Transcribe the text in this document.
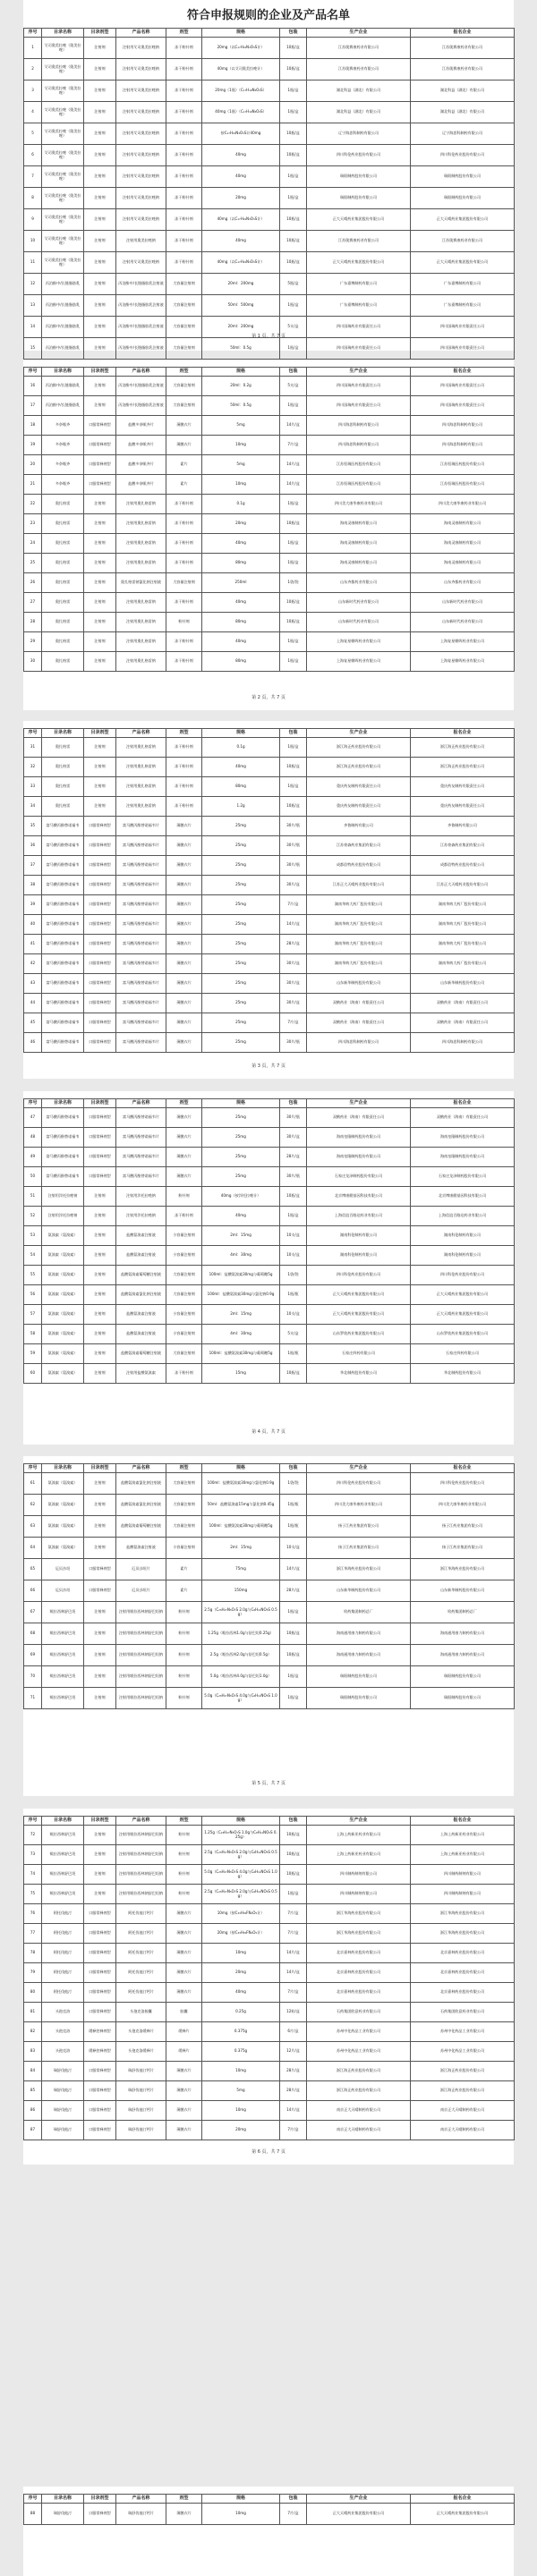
符合申报规则的企业及产品名单
序号	目录名称	目录剂型	产品名称	剂型	规格	包装	生产企业	报名企业
1	艾司奥美拉唑（奥美拉唑）	注射剂	注射用艾司奥美拉唑钠	冻干粉针剂	20mg（以C₁₇H₁₉N₃O₃S计）	10瓶/盒	江苏奥赛康药业有限公司	江苏奥赛康药业有限公司
2	艾司奥美拉唑（奥美拉唑）	注射剂	注射用艾司奥美拉唑钠	冻干粉针剂	40mg（以艾司奥美拉唑计）	10瓶/盒	江苏奥赛康药业有限公司	江苏奥赛康药业有限公司
3	艾司奥美拉唑（奥美拉唑）	注射剂	注射用艾司奥美拉唑钠	冻干粉针剂	20mg（1瓶）（C₁₇H₁₉N₃O₃S）	1瓶/盒	湖北科益（湖北）有限公司	湖北科益（湖北）有限公司
4	艾司奥美拉唑（奥美拉唑）	注射剂	注射用艾司奥美拉唑钠	冻干粉针剂	40mg（1瓶）（C₁₇H₁₉N₃O₃S）	1瓶/盒	湖北科益（湖北）有限公司	湖北科益（湖北）有限公司
5	艾司奥美拉唑（奥美拉唑）	注射剂	注射用艾司奥美拉唑钠	冻干粉针剂	按C₁₇H₁₉N₃O₃S计40mg	10瓶/盒	辽宁海思科制药有限公司	辽宁海思科制药有限公司
6	艾司奥美拉唑（奥美拉唑）	注射剂	注射用艾司奥美拉唑钠	冻干粉针剂	40mg	10瓶/盒	四川科伦药业股份有限公司	四川科伦药业股份有限公司
7	艾司奥美拉唑（奥美拉唑）	注射剂	注射用艾司奥美拉唑钠	冻干粉针剂	40mg	1瓶/盒	瑞阳制药股份有限公司	瑞阳制药股份有限公司
8	艾司奥美拉唑（奥美拉唑）	注射剂	注射用艾司奥美拉唑钠	冻干粉针剂	20mg	1瓶/盒	瑞阳制药股份有限公司	瑞阳制药股份有限公司
9	艾司奥美拉唑（奥美拉唑）	注射剂	注射用艾司奥美拉唑钠	冻干粉针剂	40mg（以C₁₇H₁₉N₃O₃S计）	10瓶/盒	正大天晴药业集团股份有限公司	正大天晴药业集团股份有限公司
10	艾司奥美拉唑（奥美拉唑）	注射剂	注射用奥美拉唑钠	冻干粉针剂	40mg	10瓶/盒	江苏奥赛康药业有限公司	江苏奥赛康药业有限公司
11	艾司奥美拉唑（奥美拉唑）	注射剂	注射用艾司奥美拉唑钠	冻干粉针剂	40mg（以C₁₇H₁₉N₃O₃S计）	10瓶/盒	正大天晴药业集团股份有限公司	正大天晴药业集团股份有限公司
12	丙泊酚中/长链脂肪乳	注射剂	丙泊酚中/长链脂肪乳注射液	大容量注射剂	20ml：200mg	5瓶/盒	广东嘉博制药有限公司	广东嘉博制药有限公司
13	丙泊酚中/长链脂肪乳	注射剂	丙泊酚中/长链脂肪乳注射液	大容量注射剂	50ml：500mg	1瓶/盒	广东嘉博制药有限公司	广东嘉博制药有限公司
14	丙泊酚中/长链脂肪乳	注射剂	丙泊酚中/长链脂肪乳注射液	大容量注射剂	20ml：200mg	5支/盒	四川国瑞药业有限责任公司	四川国瑞药业有限责任公司
15	丙泊酚中/长链脂肪乳	注射剂	丙泊酚中/长链脂肪乳注射液	大容量注射剂	50ml：0.5g	1瓶/盒	四川国瑞药业有限责任公司	四川国瑞药业有限责任公司
第 1 页，共 7 页
序号	目录名称	目录剂型	产品名称	剂型	规格	包装	生产企业	报名企业
16	丙泊酚中/长链脂肪乳	注射剂	丙泊酚中/长链脂肪乳注射液	大容量注射剂	20ml：0.2g	5支/盒	四川国瑞药业有限责任公司	四川国瑞药业有限责任公司
17	丙泊酚中/长链脂肪乳	注射剂	丙泊酚中/长链脂肪乳注射液	大容量注射剂	50ml：0.5g	1瓶/盒	四川国瑞药业有限责任公司	四川国瑞药业有限责任公司
18	多奈哌齐	口服常释剂型	盐酸多奈哌齐片	薄膜衣片	5mg	14片/盒	四川海思科制药有限公司	四川海思科制药有限公司
19	多奈哌齐	口服常释剂型	盐酸多奈哌齐片	薄膜衣片	10mg	7片/盒	四川海思科制药有限公司	四川海思科制药有限公司
20	多奈哌齐	口服常释剂型	盐酸多奈哌齐片	素片	5mg	14片/盒	江苏恒瑞医药股份有限公司	江苏恒瑞医药股份有限公司
21	多奈哌齐	口服常释剂型	盐酸多奈哌齐片	素片	10mg	14片/盒	江苏恒瑞医药股份有限公司	江苏恒瑞医药股份有限公司
22	奥扎格雷	注射剂	注射用奥扎格雷钠	冻干粉针剂	0.1g	1瓶/盒	四川美大康华康药业有限公司	四川美大康华康药业有限公司
23	奥扎格雷	注射剂	注射用奥扎格雷钠	冻干粉针剂	20mg	10瓶/盒	海南灵康制药有限公司	海南灵康制药有限公司
24	奥扎格雷	注射剂	注射用奥扎格雷钠	冻干粉针剂	40mg	1瓶/盒	海南灵康制药有限公司	海南灵康制药有限公司
25	奥扎格雷	注射剂	注射用奥扎格雷钠	冻干粉针剂	80mg	1瓶/盒	海南灵康制药有限公司	海南灵康制药有限公司
26	奥扎格雷	注射剂	奥扎格雷钠氯化钠注射液	大容量注射剂	250ml	1袋/袋	山东齐都药业有限公司	山东齐都药业有限公司
27	奥扎格雷	注射剂	注射用奥扎格雷钠	冻干粉针剂	40mg	10瓶/盒	山东新时代药业有限公司	山东新时代药业有限公司
28	奥扎格雷	注射剂	注射用奥扎格雷钠	粉针剂	80mg	10瓶/盒	山东新时代药业有限公司	山东新时代药业有限公司
29	奥扎格雷	注射剂	注射用奥扎格雷钠	冻干粉针剂	40mg	1瓶/盒	上海复星朝晖药业有限公司	上海复星朝晖药业有限公司
30	奥扎格雷	注射剂	注射用奥扎格雷钠	冻干粉针剂	80mg	1瓶/盒	上海复星朝晖药业有限公司	上海复星朝晖药业有限公司
第 2 页，共 7 页
序号	目录名称	目录剂型	产品名称	剂型	规格	包装	生产企业	报名企业
31	奥扎格雷	注射剂	注射用奥扎格雷钠	冻干粉针剂	0.1g	1瓶/盒	浙江海正药业股份有限公司	浙江海正药业股份有限公司
32	奥扎格雷	注射剂	注射用奥扎格雷钠	冻干粉针剂	40mg	10瓶/盒	浙江海正药业股份有限公司	浙江海正药业股份有限公司
33	奥扎格雷	注射剂	注射用奥扎格雷钠	冻干粉针剂	80mg	1瓶/盒	重庆药友制药有限责任公司	重庆药友制药有限责任公司
34	奥扎格雷	注射剂	注射用奥扎格雷钠	冻干粉针剂	1.2g	10瓶/盒	重庆药友制药有限责任公司	重庆药友制药有限责任公司
35	富马酸丙酚替诺福韦	口服常释剂型	富马酸丙酚替诺福韦片	薄膜衣片	25mg	30片/瓶	齐鲁制药有限公司	齐鲁制药有限公司
36	富马酸丙酚替诺福韦	口服常释剂型	富马酸丙酚替诺福韦片	薄膜衣片	25mg	30片/瓶	江苏豪森药业集团有限公司	江苏豪森药业集团有限公司
37	富马酸丙酚替诺福韦	口服常释剂型	富马酸丙酚替诺福韦片	薄膜衣片	25mg	30片/瓶	成都倍特药业股份有限公司	成都倍特药业股份有限公司
38	富马酸丙酚替诺福韦	口服常释剂型	富马酸丙酚替诺福韦片	薄膜衣片	25mg	30片/盒	江苏正大天晴药业股份有限公司	江苏正大天晴药业股份有限公司
39	富马酸丙酚替诺福韦	口服常释剂型	富马酸丙酚替诺福韦片	薄膜衣片	25mg	7片/盒	湖南华纳大药厂股份有限公司	湖南华纳大药厂股份有限公司
40	富马酸丙酚替诺福韦	口服常释剂型	富马酸丙酚替诺福韦片	薄膜衣片	25mg	14片/盒	湖南华纳大药厂股份有限公司	湖南华纳大药厂股份有限公司
41	富马酸丙酚替诺福韦	口服常释剂型	富马酸丙酚替诺福韦片	薄膜衣片	25mg	28片/盒	湖南华纳大药厂股份有限公司	湖南华纳大药厂股份有限公司
42	富马酸丙酚替诺福韦	口服常释剂型	富马酸丙酚替诺福韦片	薄膜衣片	25mg	30片/盒	湖南华纳大药厂股份有限公司	湖南华纳大药厂股份有限公司
43	富马酸丙酚替诺福韦	口服常释剂型	富马酸丙酚替诺福韦片	薄膜衣片	25mg	30片/盒	山东新华制药股份有限公司	山东新华制药股份有限公司
44	富马酸丙酚替诺福韦	口服常释剂型	富马酸丙酚替诺福韦片	薄膜衣片	25mg	30片/盒	双鹤药业（海南）有限责任公司	双鹤药业（海南）有限责任公司
45	富马酸丙酚替诺福韦	口服常释剂型	富马酸丙酚替诺福韦片	薄膜衣片	25mg	7片/盒	双鹤药业（海南）有限责任公司	双鹤药业（海南）有限责任公司
46	富马酸丙酚替诺福韦	口服常释剂型	富马酸丙酚替诺福韦片	薄膜衣片	25mg	30片/瓶	四川海思科制药有限公司	四川海思科制药有限公司
第 3 页，共 7 页
序号	目录名称	目录剂型	产品名称	剂型	规格	包装	生产企业	报名企业
47	富马酸丙酚替诺福韦	口服常释剂型	富马酸丙酚替诺福韦片	薄膜衣片	25mg	30片/瓶	双鹤药业（海南）有限责任公司	双鹤药业（海南）有限责任公司
48	富马酸丙酚替诺福韦	口服常释剂型	富马酸丙酚替诺福韦片	薄膜衣片	25mg	30片/盒	海南皇隆制药股份有限公司	海南皇隆制药股份有限公司
49	富马酸丙酚替诺福韦	口服常释剂型	富马酸丙酚替诺福韦片	薄膜衣片	25mg	28片/盒	海南皇隆制药股份有限公司	海南皇隆制药股份有限公司
50	富马酸丙酚替诺福韦	口服常释剂型	富马酸丙酚替诺福韦片	薄膜衣片	25mg	30片/瓶	石家庄龙泽制药股份有限公司	石家庄龙泽制药股份有限公司
51	注射用泮托拉唑钠	注射剂	注射用泮托拉唑钠	粉针剂	40mg（按泮托拉唑计）	10瓶/盒	北京博康健基因科技有限公司	北京博康健基因科技有限公司
52	注射用泮托拉唑钠	注射剂	注射用泮托拉唑钠	冻干粉针剂	40mg	1瓶/盒	上海信谊百路达药业有限公司	上海信谊百路达药业有限公司
53	氨溴索（氨溴索）	注射剂	盐酸氨溴索注射液	小容量注射剂	2ml：15mg	10支/盒	湖南科伦制药有限公司	湖南科伦制药有限公司
54	氨溴索（氨溴索）	注射剂	盐酸氨溴索注射液	小容量注射剂	4ml：30mg	10支/盒	湖南科伦制药有限公司	湖南科伦制药有限公司
55	氨溴索（氨溴索）	注射剂	盐酸氨溴索葡萄糖注射液	大容量注射剂	100ml：盐酸氨溴索30mg与葡萄糖5g	1袋/袋	四川科伦药业股份有限公司	四川科伦药业股份有限公司
56	氨溴索（氨溴索）	注射剂	盐酸氨溴索氯化钠注射液	大容量注射剂	100ml：盐酸氨溴索30mg与氯化钠0.9g	1瓶/瓶	正大天晴药业集团股份有限公司	正大天晴药业集团股份有限公司
57	氨溴索（氨溴索）	注射剂	盐酸氨溴索注射液	小容量注射剂	2ml：15mg	10支/盒	正大天晴药业集团股份有限公司	正大天晴药业集团股份有限公司
58	氨溴索（氨溴索）	注射剂	盐酸氨溴索注射液	小容量注射剂	4ml：30mg	5支/盒	山东罗欣药业集团股份有限公司	山东罗欣药业集团股份有限公司
59	氨溴索（氨溴索）	注射剂	盐酸氨溴索葡萄糖注射液	大容量注射剂	100ml：盐酸氨溴索30mg与葡萄糖5g	1瓶/瓶	石家庄四药有限公司	石家庄四药有限公司
60	氨溴索（氨溴索）	注射剂	注射用盐酸氨溴索	冻干粉针剂	15mg	10瓶/盒	华北制药股份有限公司	华北制药股份有限公司
第 4 页，共 7 页
序号	目录名称	目录剂型	产品名称	剂型	规格	包装	生产企业	报名企业
61	氨溴索（氨溴索）	注射剂	盐酸氨溴索氯化钠注射液	大容量注射剂	100ml：盐酸氨溴索30mg与氯化钠0.9g	1袋/袋	四川科伦药业股份有限公司	四川科伦药业股份有限公司
62	氨溴索（氨溴索）	注射剂	盐酸氨溴索氯化钠注射液	大容量注射剂	50ml：盐酸氨溴索15mg与氯化钠0.45g	1瓶/瓶	四川美大康华康药业有限公司	四川美大康华康药业有限公司
63	氨溴索（氨溴索）	注射剂	盐酸氨溴索葡萄糖注射液	大容量注射剂	100ml：盐酸氨溴索30mg与葡萄糖5g	1瓶/瓶	扬子江药业集团有限公司	扬子江药业集团有限公司
64	氨溴索（氨溴索）	注射剂	盐酸氨溴索注射液	小容量注射剂	2ml：15mg	10支/盒	扬子江药业集团有限公司	扬子江药业集团有限公司
65	厄贝沙坦	口服常释剂型	厄贝沙坦片	素片	75mg	14片/盒	浙江华海药业股份有限公司	浙江华海药业股份有限公司
66	厄贝沙坦	口服常释剂型	厄贝沙坦片	素片	150mg	28片/盒	山东新华制药股份有限公司	山东新华制药股份有限公司
67	哌拉西林舒巴坦	注射剂	注射用哌拉西林钠舒巴坦钠	粉针剂	2.5g（C₂₃H₂₇N₅O₇S 2.0g与C₈H₁₁NO₅S 0.5g）	1瓶/盒	哈药集团制药总厂	哈药集团制药总厂
68	哌拉西林舒巴坦	注射剂	注射用哌拉西林钠舒巴坦钠	粉针剂	1.25g（哌拉西林1.0g与舒巴坦0.25g）	10瓶/盒	海南通用康力制药有限公司	海南通用康力制药有限公司
69	哌拉西林舒巴坦	注射剂	注射用哌拉西林钠舒巴坦钠	粉针剂	2.5g（哌拉西林2.0g与舒巴坦0.5g）	10瓶/盒	海南通用康力制药有限公司	海南通用康力制药有限公司
70	哌拉西林舒巴坦	注射剂	注射用哌拉西林钠舒巴坦钠	粉针剂	5.0g（哌拉西林4.0g与舒巴坦1.0g）	1瓶/盒	瑞阳制药股份有限公司	瑞阳制药股份有限公司
71	哌拉西林舒巴坦	注射剂	注射用哌拉西林钠舒巴坦钠	粉针剂	5.0g（C₂₃H₂₇N₅O₇S 4.0g与C₈H₁₁NO₅S 1.0g）	1瓶/盒	瑞阳制药股份有限公司	瑞阳制药股份有限公司
第 5 页，共 7 页
序号	目录名称	目录剂型	产品名称	剂型	规格	包装	生产企业	报名企业
72	哌拉西林舒巴坦	注射剂	注射用哌拉西林钠舒巴坦钠	粉针剂	1.25g（C₂₃H₂₇N₅O₇S 1.0g与C₈H₁₁NO₅S 0.25g）	10瓶/盒	上海上药新亚药业有限公司	上海上药新亚药业有限公司
73	哌拉西林舒巴坦	注射剂	注射用哌拉西林钠舒巴坦钠	粉针剂	2.5g（C₂₃H₂₇N₅O₇S 2.0g与C₈H₁₁NO₅S 0.5g）	10瓶/盒	上海上药新亚药业有限公司	上海上药新亚药业有限公司
74	哌拉西林舒巴坦	注射剂	注射用哌拉西林钠舒巴坦钠	粉针剂	5.0g（C₂₃H₂₇N₅O₇S 4.0g与C₈H₁₁NO₅S 1.0g）	10瓶/盒	四川制药制剂有限公司	四川制药制剂有限公司
75	哌拉西林舒巴坦	注射剂	注射用哌拉西林钠舒巴坦钠	粉针剂	2.5g（C₂₃H₂₇N₅O₇S 2.0g与C₈H₁₁NO₅S 0.5g）	1瓶/盒	四川制药制剂有限公司	四川制药制剂有限公司
76	阿托伐他汀	口服常释剂型	阿托伐他汀钙片	薄膜衣片	10mg（按C₃₃H₃₅FN₂O₅计）	7片/盒	浙江华海药业股份有限公司	浙江华海药业股份有限公司
77	阿托伐他汀	口服常释剂型	阿托伐他汀钙片	薄膜衣片	20mg（按C₃₃H₃₅FN₂O₅计）	7片/盒	浙江华海药业股份有限公司	浙江华海药业股份有限公司
78	阿托伐他汀	口服常释剂型	阿托伐他汀钙片	薄膜衣片	10mg	14片/盒	北京嘉林药业股份有限公司	北京嘉林药业股份有限公司
79	阿托伐他汀	口服常释剂型	阿托伐他汀钙片	薄膜衣片	20mg	14片/盒	北京嘉林药业股份有限公司	北京嘉林药业股份有限公司
80	阿托伐他汀	口服常释剂型	阿托伐他汀钙片	薄膜衣片	40mg	7片/盒	北京嘉林药业股份有限公司	北京嘉林药业股份有限公司
81	头孢克洛	口服常释剂型	头孢克洛胶囊	胶囊	0.25g	12粒/盒	石药集团欧意药业有限公司	石药集团欧意药业有限公司
82	头孢克洛	缓释控释剂型	头孢克洛缓释片	缓释片	0.375g	6片/盒	苏州中化药品工业有限公司	苏州中化药品工业有限公司
83	头孢克洛	缓释控释剂型	头孢克洛缓释片	缓释片	0.375g	12片/盒	苏州中化药品工业有限公司	苏州中化药品工业有限公司
84	瑞舒伐他汀	口服常释剂型	瑞舒伐他汀钙片	薄膜衣片	10mg	28片/盒	浙江海正药业股份有限公司	浙江海正药业股份有限公司
85	瑞舒伐他汀	口服常释剂型	瑞舒伐他汀钙片	薄膜衣片	5mg	28片/盒	浙江海正药业股份有限公司	浙江海正药业股份有限公司
86	瑞舒伐他汀	口服常释剂型	瑞舒伐他汀钙片	薄膜衣片	10mg	14片/盒	南京正大天晴制药有限公司	南京正大天晴制药有限公司
87	瑞舒伐他汀	口服常释剂型	瑞舒伐他汀钙片	薄膜衣片	20mg	7片/盒	南京正大天晴制药有限公司	南京正大天晴制药有限公司
第 6 页，共 7 页
序号	目录名称	目录剂型	产品名称	剂型	规格	包装	生产企业	报名企业
88	瑞舒伐他汀	口服常释剂型	瑞舒伐他汀钙片	薄膜衣片	10mg	7片/盒	正大天晴药业集团股份有限公司	正大天晴药业集团股份有限公司
